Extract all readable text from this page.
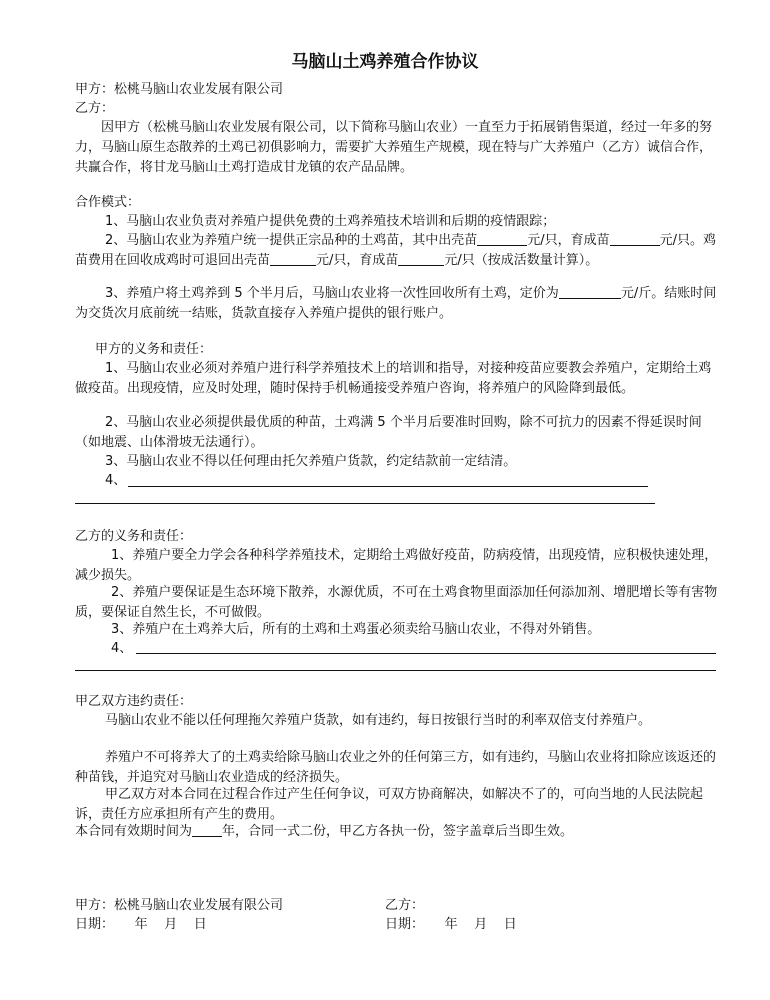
马脑山土鸡养殖合作协议

甲方：松桃马脑山农业发展有限公司

乙方：

因甲方（松桃马脑山农业发展有限公司，以下简称马脑山农业）一直至力于拓展销售渠道，经过一年多的努力，马脑山原生态散养的土鸡已初俱影响力，需要扩大养殖生产规模，现在特与广大养殖户（乙方）诚信合作，共赢合作，将甘龙马脑山土鸡打造成甘龙镇的农产品品牌。

合作模式：

1、马脑山农业负责对养殖户提供免费的土鸡养殖技术培训和后期的疫情跟踪；

2、马脑山农业为养殖户统一提供正宗品种的土鸡苗，其中出壳苗	元/只，育成苗	元/只。鸡苗费用在回收成鸡时可退回出壳苗	元/只，育成苗	元/只（按成活数量计算）。

3、养殖户将土鸡养到 5 个半月后，马脑山农业将一次性回收所有土鸡，定价为	元/斤。结账时间为交货次月底前统一结账，货款直接存入养殖户提供的银行账户。

甲方的义务和责任：

1、马脑山农业必须对养殖户进行科学养殖技术上的培训和指导，对接种疫苗应要教会养殖户，定期给土鸡做疫苗。出现疫情，应及时处理，随时保持手机畅通接受养殖户咨询，将养殖户的风险降到最低。

2、马脑山农业必须提供最优质的种苗，土鸡满 5 个半月后要准时回购，除不可抗力的因素不得延误时间（如地震、山体滑坡无法通行）。

3、马脑山农业不得以任何理由托欠养殖户货款，约定结款前一定结清。

4、

乙方的义务和责任：

1、养殖户要全力学会各种科学养殖技术，定期给土鸡做好疫苗，防病疫情，出现疫情，应积极快速处理，减少损失。

2、养殖户要保证是生态环境下散养，水源优质，不可在土鸡食物里面添加任何添加剂、增肥增长等有害物质，要保证自然生长，不可做假。

3、养殖户在土鸡养大后，所有的土鸡和土鸡蛋必须卖给马脑山农业，不得对外销售。

4、

甲乙双方违约责任：

马脑山农业不能以任何理拖欠养殖户货款，如有违约，每日按银行当时的利率双倍支付养殖户。

养殖户不可将养大了的土鸡卖给除马脑山农业之外的任何第三方，如有违约，马脑山农业将扣除应该返还的种苗钱，并追究对马脑山农业造成的经济损失。

甲乙双方对本合同在过程合作过产生任何争议，可双方协商解决，如解决不了的，可向当地的人民法院起诉，责任方应承担所有产生的费用。

本合同有效期时间为 年，合同一式二份，甲乙方各执一份，签字盖章后当即生效。

甲方：松桃马脑山农业发展有限公司	乙方：

日期：     年    月    日	日期：     年    月    日
